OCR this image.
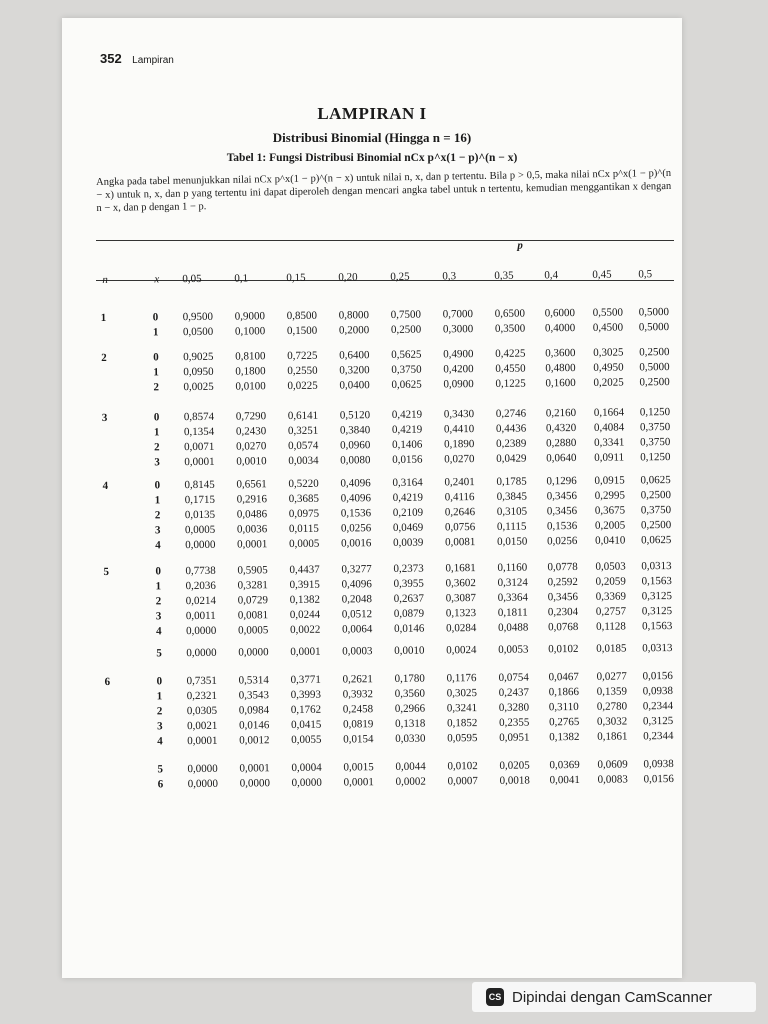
352 Lampiran
LAMPIRAN I
Distribusi Binomial (Hingga n = 16)
Tabel 1: Fungsi Distribusi Binomial nCx p^x(1 − p)^(n − x)
Angka pada tabel menunjukkan nilai nCx p^x(1 − p)^(n − x) untuk nilai n, x, dan p tertentu. Bila p > 0,5, maka nilai nCx p^x(1 − p)^(n − x) untuk n, x, dan p yang tertentu ini dapat diperoleh dengan mencari angka tabel untuk n tertentu, kemudian menggantikan x dengan n − x, dan p dengan 1 − p.
p
n	x 0,05	0,1	0,15	0,20	0,25	0,3	0,35	0,4	0,45 0,5
1	0 0,9500 0,9000 0,8500 0,8000 0,7500 0,7000 0,6500 0,6000 0,5500 0,5000
1 0,0500 0,1000 0,1500 0,2000 0,2500 0,3000 0,3500 0,4000 0,4500 0,5000
2	0 0,9025 0,8100 0,7225 0,6400 0,5625 0,4900 0,4225 0,3600 0,3025 0,2500
1 0,0950 0,1800 0,2550 0,3200 0,3750 0,4200 0,4550 0,4800 0,4950 0,5000
2 0,0025 0,0100 0,0225 0,0400 0,0625 0,0900 0,1225 0,1600 0,2025 0,2500
3	0 0,8574 0,7290 0,6141 0,5120 0,4219 0,3430 0,2746 0,2160 0,1664 0,1250
1 0,1354 0,2430 0,3251 0,3840 0,4219 0,4410 0,4436 0,4320 0,4084 0,3750
2 0,0071 0,0270 0,0574 0,0960 0,1406 0,1890 0,2389 0,2880 0,3341 0,3750
3 0,0001 0,0010 0,0034 0,0080 0,0156 0,0270 0,0429 0,0640 0,0911 0,1250
4	0 0,8145 0,6561 0,5220 0,4096 0,3164 0,2401 0,1785 0,1296 0,0915 0,0625
1 0,1715 0,2916 0,3685 0,4096 0,4219 0,4116 0,3845 0,3456 0,2995 0,2500
2 0,0135 0,0486 0,0975 0,1536 0,2109 0,2646 0,3105 0,3456 0,3675 0,3750
3 0,0005 0,0036 0,0115 0,0256 0,0469 0,0756 0,1115 0,1536 0,2005 0,2500
4 0,0000 0,0001 0,0005 0,0016 0,0039 0,0081 0,0150 0,0256 0,0410 0,0625
5	0 0,7738 0,5905 0,4437 0,3277 0,2373 0,1681 0,1160 0,0778 0,0503 0,0313
1 0,2036 0,3281 0,3915 0,4096 0,3955 0,3602 0,3124 0,2592 0,2059 0,1563
2 0,0214 0,0729 0,1382 0,2048 0,2637 0,3087 0,3364 0,3456 0,3369 0,3125
3 0,0011 0,0081 0,0244 0,0512 0,0879 0,1323 0,1811 0,2304 0,2757 0,3125
4 0,0000 0,0005 0,0022 0,0064 0,0146 0,0284 0,0488 0,0768 0,1128 0,1563
5 0,0000 0,0000 0,0001 0,0003 0,0010 0,0024 0,0053 0,0102 0,0185 0,0313
6	0 0,7351 0,5314 0,3771 0,2621 0,1780 0,1176 0,0754 0,0467 0,0277 0,0156
1 0,2321 0,3543 0,3993 0,3932 0,3560 0,3025 0,2437 0,1866 0,1359 0,0938
2 0,0305 0,0984 0,1762 0,2458 0,2966 0,3241 0,3280 0,3110 0,2780 0,2344
3 0,0021 0,0146 0,0415 0,0819 0,1318 0,1852 0,2355 0,2765 0,3032 0,3125
4 0,0001 0,0012 0,0055 0,0154 0,0330 0,0595 0,0951 0,1382 0,1861 0,2344
5 0,0000 0,0001 0,0004 0,0015 0,0044 0,0102 0,0205 0,0369 0,0609 0,0938
6 0,0000 0,0000 0,0000 0,0001 0,0002 0,0007 0,0018 0,0041 0,0083 0,0156
CS Dipindai dengan CamScanner
